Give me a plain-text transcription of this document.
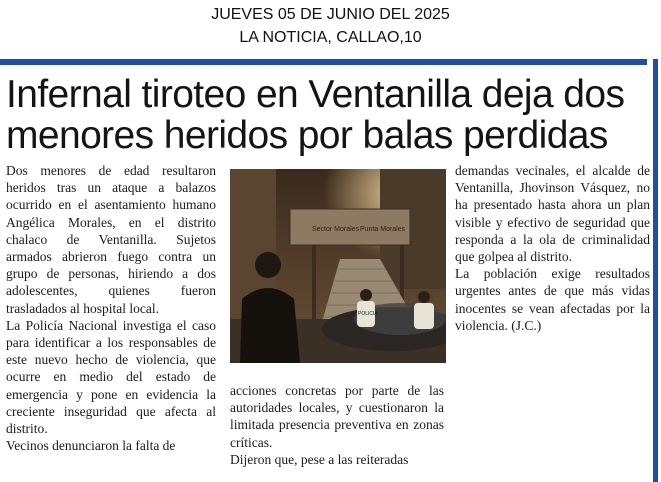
JUEVES 05 DE JUNIO DEL 2025
LA NOTICIA, CALLAO,10
Infernal tiroteo en Ventanilla deja dos menores heridos por balas perdidas

Dos menores de edad resultaron heridos tras un ataque a balazos ocurrido en el asentamiento humano Angélica Morales, en el distrito chalaco de Ventanilla. Sujetos armados abrieron fuego contra un grupo de personas, hiriendo a dos adolescentes, quienes fueron trasladados al hospital local.

La Policía Nacional investiga el caso para identificar a los responsables de este nuevo hecho de violencia, que ocurre en medio del estado de emergencia y pone en evidencia la creciente inseguridad que afecta al distrito.

Vecinos denunciaron la falta de

Sector Morales Punta Morales
POLICIA

acciones concretas por parte de las autoridades locales, y cuestionaron la limitada presencia preventiva en zonas críticas.

Dijeron que, pese a las reiteradas

demandas vecinales, el alcalde de Ventanilla, Jhovinson Vásquez, no ha presentado hasta ahora un plan visible y efectivo de seguridad que responda a la ola de criminalidad que golpea al distrito.

La población exige resultados urgentes antes de que más vidas inocentes se vean afectadas por la violencia. (J.C.)
